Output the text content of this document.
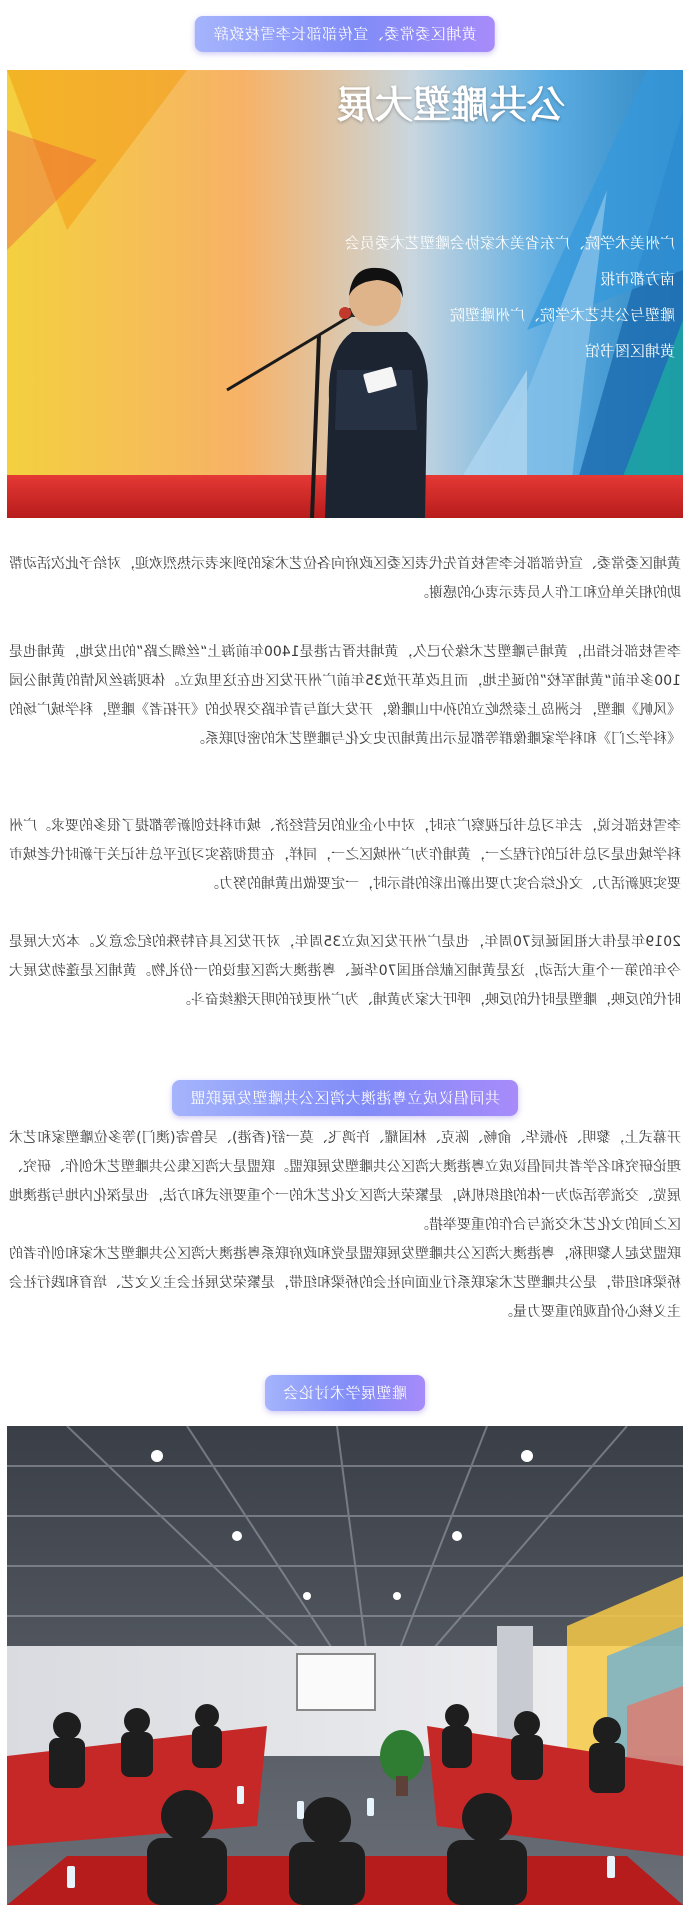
黄埔区委常委、宣传部部长李雪枝致辞
公共雕塑大展
广州美术学院、广东省美术家协会雕塑艺术委员会
南方都市报
雕塑与公共艺术学院、广州雕塑院
黄埔区图书馆

黄埔区委常委、宣传部部长李雪枝首先代表区委区政府向各位艺术家的到来表示热烈欢迎，对给予此次活动帮助的相关单位和工作人员表示衷心的感谢。

李雪枝部长指出，黄埔与雕塑艺术缘分已久，黄埔扶胥古港是1400年前海上“丝绸之路”的出发地，黄埔也是100多年前“黄埔军校”的诞生地，而且改革开放35年前广州开发区也在这里成立。体现海丝风情的黄埔公园《风帆》雕塑，长洲岛上泰然屹立的孙中山雕像，开发大道与青年路交界处的《开拓者》雕塑，科学城广场的《科学之门》和科学家雕像群等都显示出黄埔历史文化与雕塑艺术的密切联系。

李雪枝部长说，去年习总书记视察广东时，对中小企业的民营经济、城市科技创新等都提了很多的要求。广州科学城也是习总书记的行程之一，黄埔作为广州城区之一，同样，在贯彻落实习近平总书记关于新时代老城市要实现新活力、文化综合实力要出新出彩的指示时，一定要做出黄埔的努力。

2019年是伟大祖国诞辰70周年，也是广州开发区成立35周年，对开发区具有特殊的纪念意义。本次大展是今年的第一个重大活动，这是黄埔区献给祖国70华诞、粤港澳大湾区建设的一份礼物。黄埔区是蓬勃发展大时代的反映，雕塑是时代的反映，呼吁大家为黄埔、为广州更好的明天继续奋斗。

共同倡议成立粤港澳大湾区公共雕塑发展联盟

开幕式上，黎明、孙振华、俞畅、陈克、林国耀、许鸿飞、莫一舒(香港)、吴鲁寄(澳门)等多位雕塑家和艺术理论研究和名学者共同倡议成立粤港澳大湾区公共雕塑发展联盟。联盟是大湾区集公共雕塑艺术创作、研究、展览、交流等活动为一体的组织机构，是繁荣大湾区文化艺术的一个重要形式和方法，也是深化内地与港澳地区之间的文化艺术交流与合作的重要举措。

联盟发起人黎明称，粤港澳大湾区公共雕塑发展联盟是党和政府联系粤港澳大湾区公共雕塑艺术家和创作者的桥梁和纽带，是公共雕塑艺术家联系行业面向社会的桥梁和纽带，是繁荣发展社会主义文艺、培育和践行社会主义核心价值观的重要力量。

雕塑展学术讨论会
